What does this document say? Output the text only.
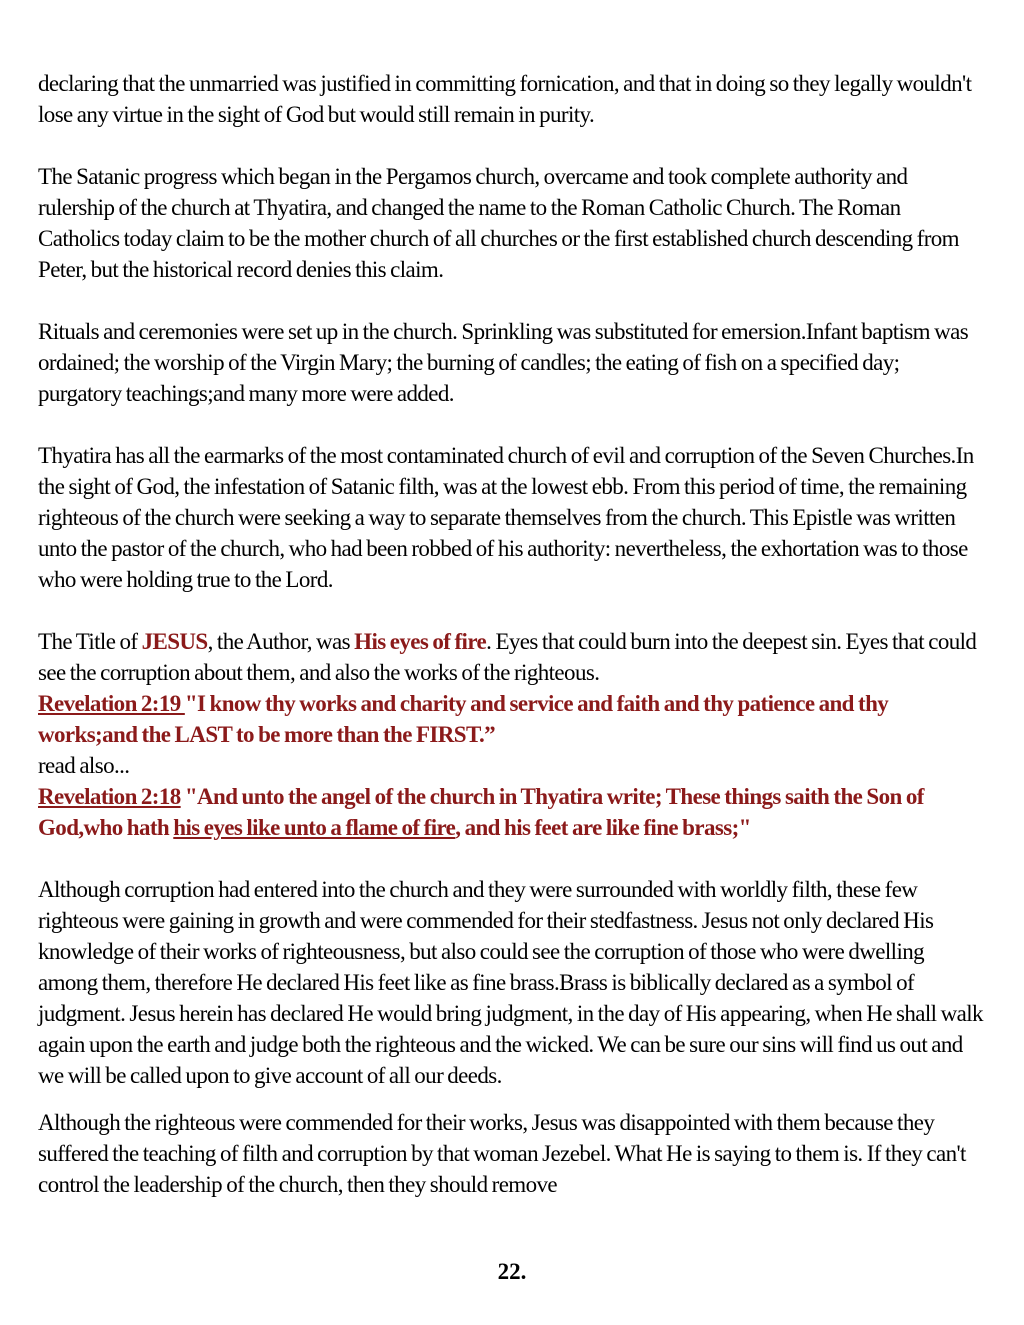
declaring that the unmarried was justified in committing fornication, and that in doing so they legally wouldn't lose any virtue in the sight of God but would still remain in purity.

The Satanic progress which began in the Pergamos church, overcame and took complete authority and rulership of the church at Thyatira, and changed the name to the Roman Catholic Church. The Roman Catholics today claim to be the mother church of all churches or the first established church descending from Peter, but the historical record denies this claim.

Rituals and ceremonies were set up in the church. Sprinkling was substituted for emersion.Infant baptism was ordained; the worship of the Virgin Mary; the burning of candles; the eating of fish on a specified day; purgatory teachings;and many more were added.

Thyatira has all the earmarks of the most contaminated church of evil and corruption of the Seven Churches.In the sight of God, the infestation of Satanic filth, was at the lowest ebb. From this period of time, the remaining righteous of the church were seeking a way to separate themselves from the church. This Epistle was written unto the pastor of the church, who had been robbed of his authority: nevertheless, the exhortation was to those who were holding true to the Lord.

The Title of JESUS, the Author, was His eyes of fire. Eyes that could burn into the deepest sin. Eyes that could see the corruption about them, and also the works of the righteous.
Revelation 2:19 "I know thy works and charity and service and faith and thy patience and thy works;and the LAST to be more than the FIRST.”
read also...
Revelation 2:18 "And unto the angel of the church in Thyatira write; These things saith the Son of God,who hath his eyes like unto a flame of fire, and his feet are like fine brass;"

Although corruption had entered into the church and they were surrounded with worldly filth, these few righteous were gaining in growth and were commended for their stedfastness. Jesus not only declared His knowledge of their works of righteousness, but also could see the corruption of those who were dwelling among them, therefore He declared His feet like as fine brass.Brass is biblically declared as a symbol of judgment. Jesus herein has declared He would bring judgment, in the day of His appearing, when He shall walk again upon the earth and judge both the righteous and the wicked. We can be sure our sins will find us out and we will be called upon to give account of all our deeds.

Although the righteous were commended for their works, Jesus was disappointed with them because they suffered the teaching of filth and corruption by that woman Jezebel. What He is saying to them is. If they can't control the leadership of the church, then they should remove

22.
